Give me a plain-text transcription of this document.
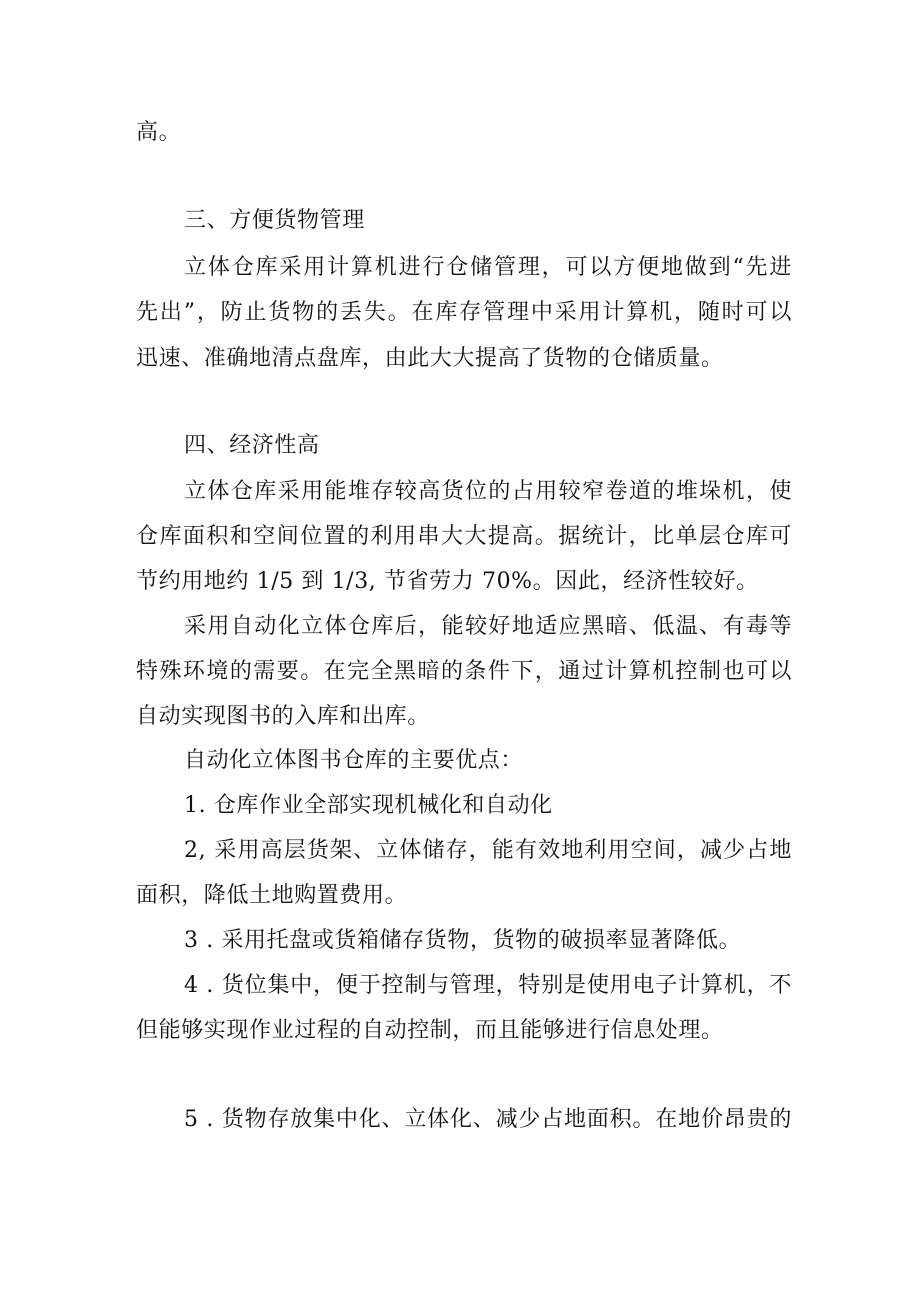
高。
三、方便货物管理
立体仓库采用计算机进行仓储管理，可以方便地做到“先进
先出”，防止货物的丢失。在库存管理中采用计算机，随时可以
迅速、准确地清点盘库，由此大大提高了货物的仓储质量。
四、经济性高
立体仓库采用能堆存较高货位的占用较窄卷道的堆垛机，使
仓库面积和空间位置的利用串大大提高。据统计，比单层仓库可
节约用地约 1/5 到 1/3, 节省劳力 70%。因此，经济性较好。
采用自动化立体仓库后，能较好地适应黑暗、低温、有毒等
特殊环境的需要。在完全黑暗的条件下，通过计算机控制也可以
自动实现图书的入库和出库。
自动化立体图书仓库的主要优点：
1. 仓库作业全部实现机械化和自动化
2, 采用高层货架、立体储存，能有效地利用空间，减少占地
面积，降低土地购置费用。
3 . 采用托盘或货箱储存货物，货物的破损率显著降低。
4 . 货位集中，便于控制与管理，特别是使用电子计算机，不
但能够实现作业过程的自动控制，而且能够进行信息处理。
5 . 货物存放集中化、立体化、减少占地面积。在地价昂贵的
